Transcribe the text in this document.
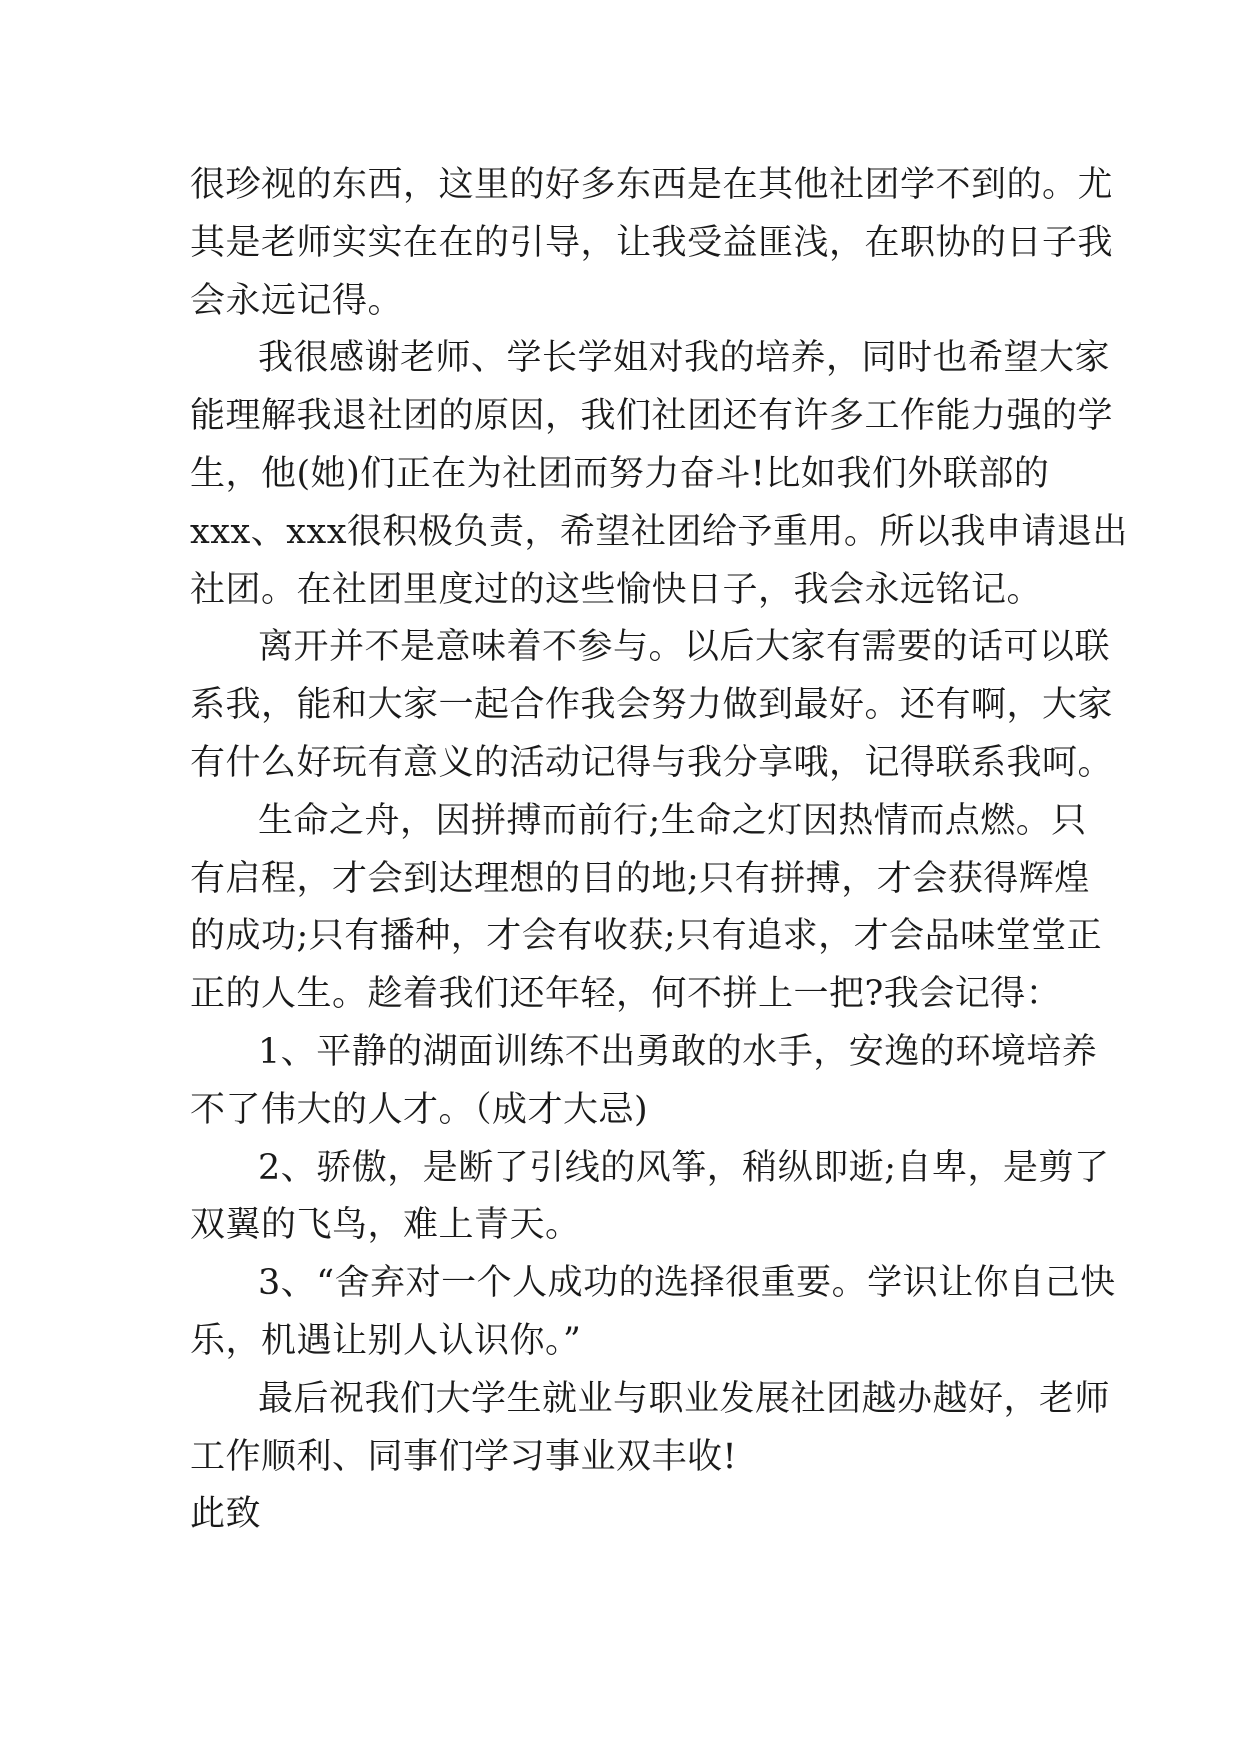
很珍视的东西，这里的好多东西是在其他社团学不到的。尤
其是老师实实在在的引导，让我受益匪浅，在职协的日子我
会永远记得。
我很感谢老师、学长学姐对我的培养，同时也希望大家
能理解我退社团的原因，我们社团还有许多工作能力强的学
生，他(她)们正在为社团而努力奋斗!比如我们外联部的
xxx、xxx很积极负责，希望社团给予重用。所以我申请退出
社团。在社团里度过的这些愉快日子，我会永远铭记。
离开并不是意味着不参与。以后大家有需要的话可以联
系我，能和大家一起合作我会努力做到最好。还有啊，大家
有什么好玩有意义的活动记得与我分享哦，记得联系我呵。
生命之舟，因拼搏而前行;生命之灯因热情而点燃。只
有启程，才会到达理想的目的地;只有拼搏，才会获得辉煌
的成功;只有播种，才会有收获;只有追求，才会品味堂堂正
正的人生。趁着我们还年轻，何不拼上一把?我会记得：
1、平静的湖面训练不出勇敢的水手，安逸的环境培养
不了伟大的人才。（成才大忌)
2、骄傲，是断了引线的风筝，稍纵即逝;自卑，是剪了
双翼的飞鸟，难上青天。
3、“舍弃对一个人成功的选择很重要。学识让你自己快
乐，机遇让别人认识你。”
最后祝我们大学生就业与职业发展社团越办越好，老师
工作顺利、同事们学习事业双丰收!
此致
